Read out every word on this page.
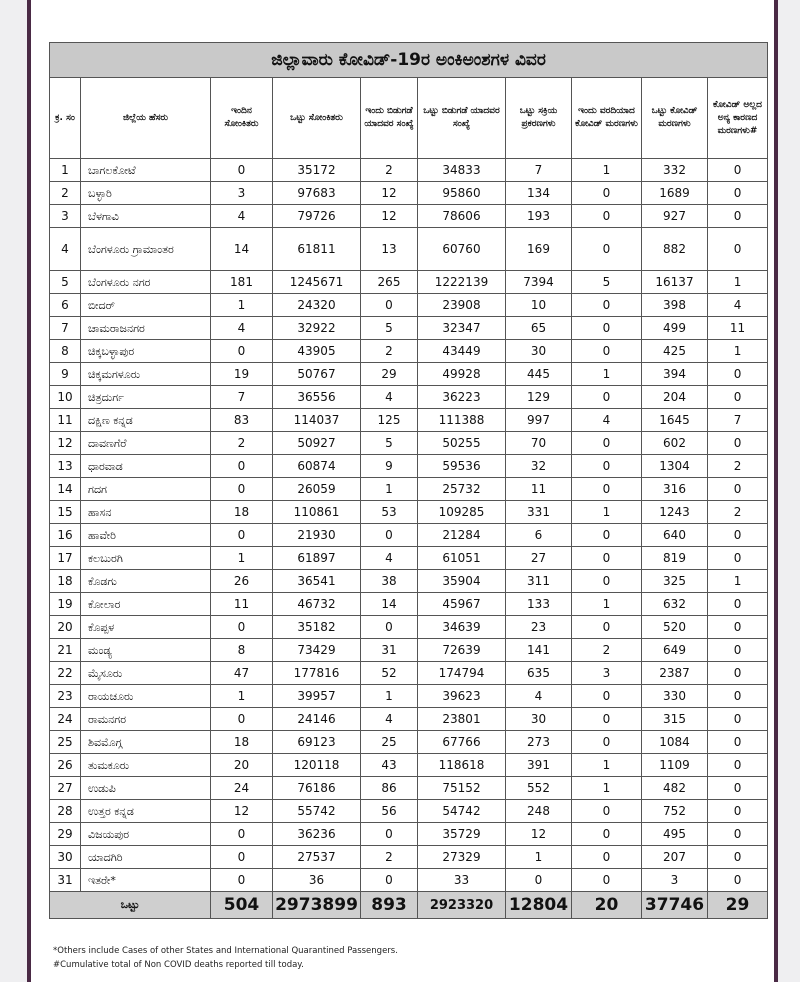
ಜಿಲ್ಲಾವಾರು ಕೋವಿಡ್-19ರ ಅಂಕಿಅಂಶಗಳ ವಿವರ									
ಕ್ರ. ಸಂ	ಜಿಲ್ಲೆಯ ಹೆಸರು	ಇಂದಿನ ಸೋಂಕಿತರು	ಒಟ್ಟು ಸೋಂಕಿತರು	ಇಂದು ಬಿಡುಗಡೆ ಯಾದವರ ಸಂಖ್ಯೆ	ಒಟ್ಟು ಬಿಡುಗಡೆ ಯಾದವರ ಸಂಖ್ಯೆ	ಒಟ್ಟು ಸಕ್ರಿಯ ಪ್ರಕರಣಗಳು	ಇಂದು ವರದಿಯಾದ ಕೋವಿಡ್ ಮರಣಗಳು	ಒಟ್ಟು ಕೋವಿಡ್ ಮರಣಗಳು	ಕೋವಿಡ್ ಅಲ್ಲದ ಅನ್ಯ ಕಾರಣದ ಮರಣಗಳು#
1	ಬಾಗಲಕೋಟೆ	0	35172	2	34833	7	1	332	0
2	ಬಳ್ಳಾರಿ	3	97683	12	95860	134	0	1689	0
3	ಬೆಳಗಾವಿ	4	79726	12	78606	193	0	927	0
4	ಬೆಂಗಳೂರು ಗ್ರಾಮಾಂತರ	14	61811	13	60760	169	0	882	0
5	ಬೆಂಗಳೂರು ನಗರ	181	1245671	265	1222139	7394	5	16137	1
6	ಬೀದರ್	1	24320	0	23908	10	0	398	4
7	ಚಾಮರಾಜನಗರ	4	32922	5	32347	65	0	499	11
8	ಚಿಕ್ಕಬಳ್ಳಾಪುರ	0	43905	2	43449	30	0	425	1
9	ಚಿಕ್ಕಮಗಳೂರು	19	50767	29	49928	445	1	394	0
10	ಚಿತ್ರದುರ್ಗ	7	36556	4	36223	129	0	204	0
11	ದಕ್ಷಿಣ ಕನ್ನಡ	83	114037	125	111388	997	4	1645	7
12	ದಾವಣಗೆರೆ	2	50927	5	50255	70	0	602	0
13	ಧಾರವಾಡ	0	60874	9	59536	32	0	1304	2
14	ಗದಗ	0	26059	1	25732	11	0	316	0
15	ಹಾಸನ	18	110861	53	109285	331	1	1243	2
16	ಹಾವೇರಿ	0	21930	0	21284	6	0	640	0
17	ಕಲಬುರಗಿ	1	61897	4	61051	27	0	819	0
18	ಕೊಡಗು	26	36541	38	35904	311	0	325	1
19	ಕೋಲಾರ	11	46732	14	45967	133	1	632	0
20	ಕೊಪ್ಪಳ	0	35182	0	34639	23	0	520	0
21	ಮಂಡ್ಯ	8	73429	31	72639	141	2	649	0
22	ಮೈಸೂರು	47	177816	52	174794	635	3	2387	0
23	ರಾಯಚೂರು	1	39957	1	39623	4	0	330	0
24	ರಾಮನಗರ	0	24146	4	23801	30	0	315	0
25	ಶಿವಮೊಗ್ಗ	18	69123	25	67766	273	0	1084	0
26	ತುಮಕೂರು	20	120118	43	118618	391	1	1109	0
27	ಉಡುಪಿ	24	76186	86	75152	552	1	482	0
28	ಉತ್ತರ ಕನ್ನಡ	12	55742	56	54742	248	0	752	0
29	ವಿಜಯಪುರ	0	36236	0	35729	12	0	495	0
30	ಯಾದಗಿರಿ	0	27537	2	27329	1	0	207	0
31	ಇತರೇ*	0	36	0	33	0	0	3	0
ಒಟ್ಟು		504	2973899	893	2923320	12804	20	37746	29
*Others include Cases of other States and International Quarantined Passengers.
#Cumulative total of Non COVID deaths reported till today.
